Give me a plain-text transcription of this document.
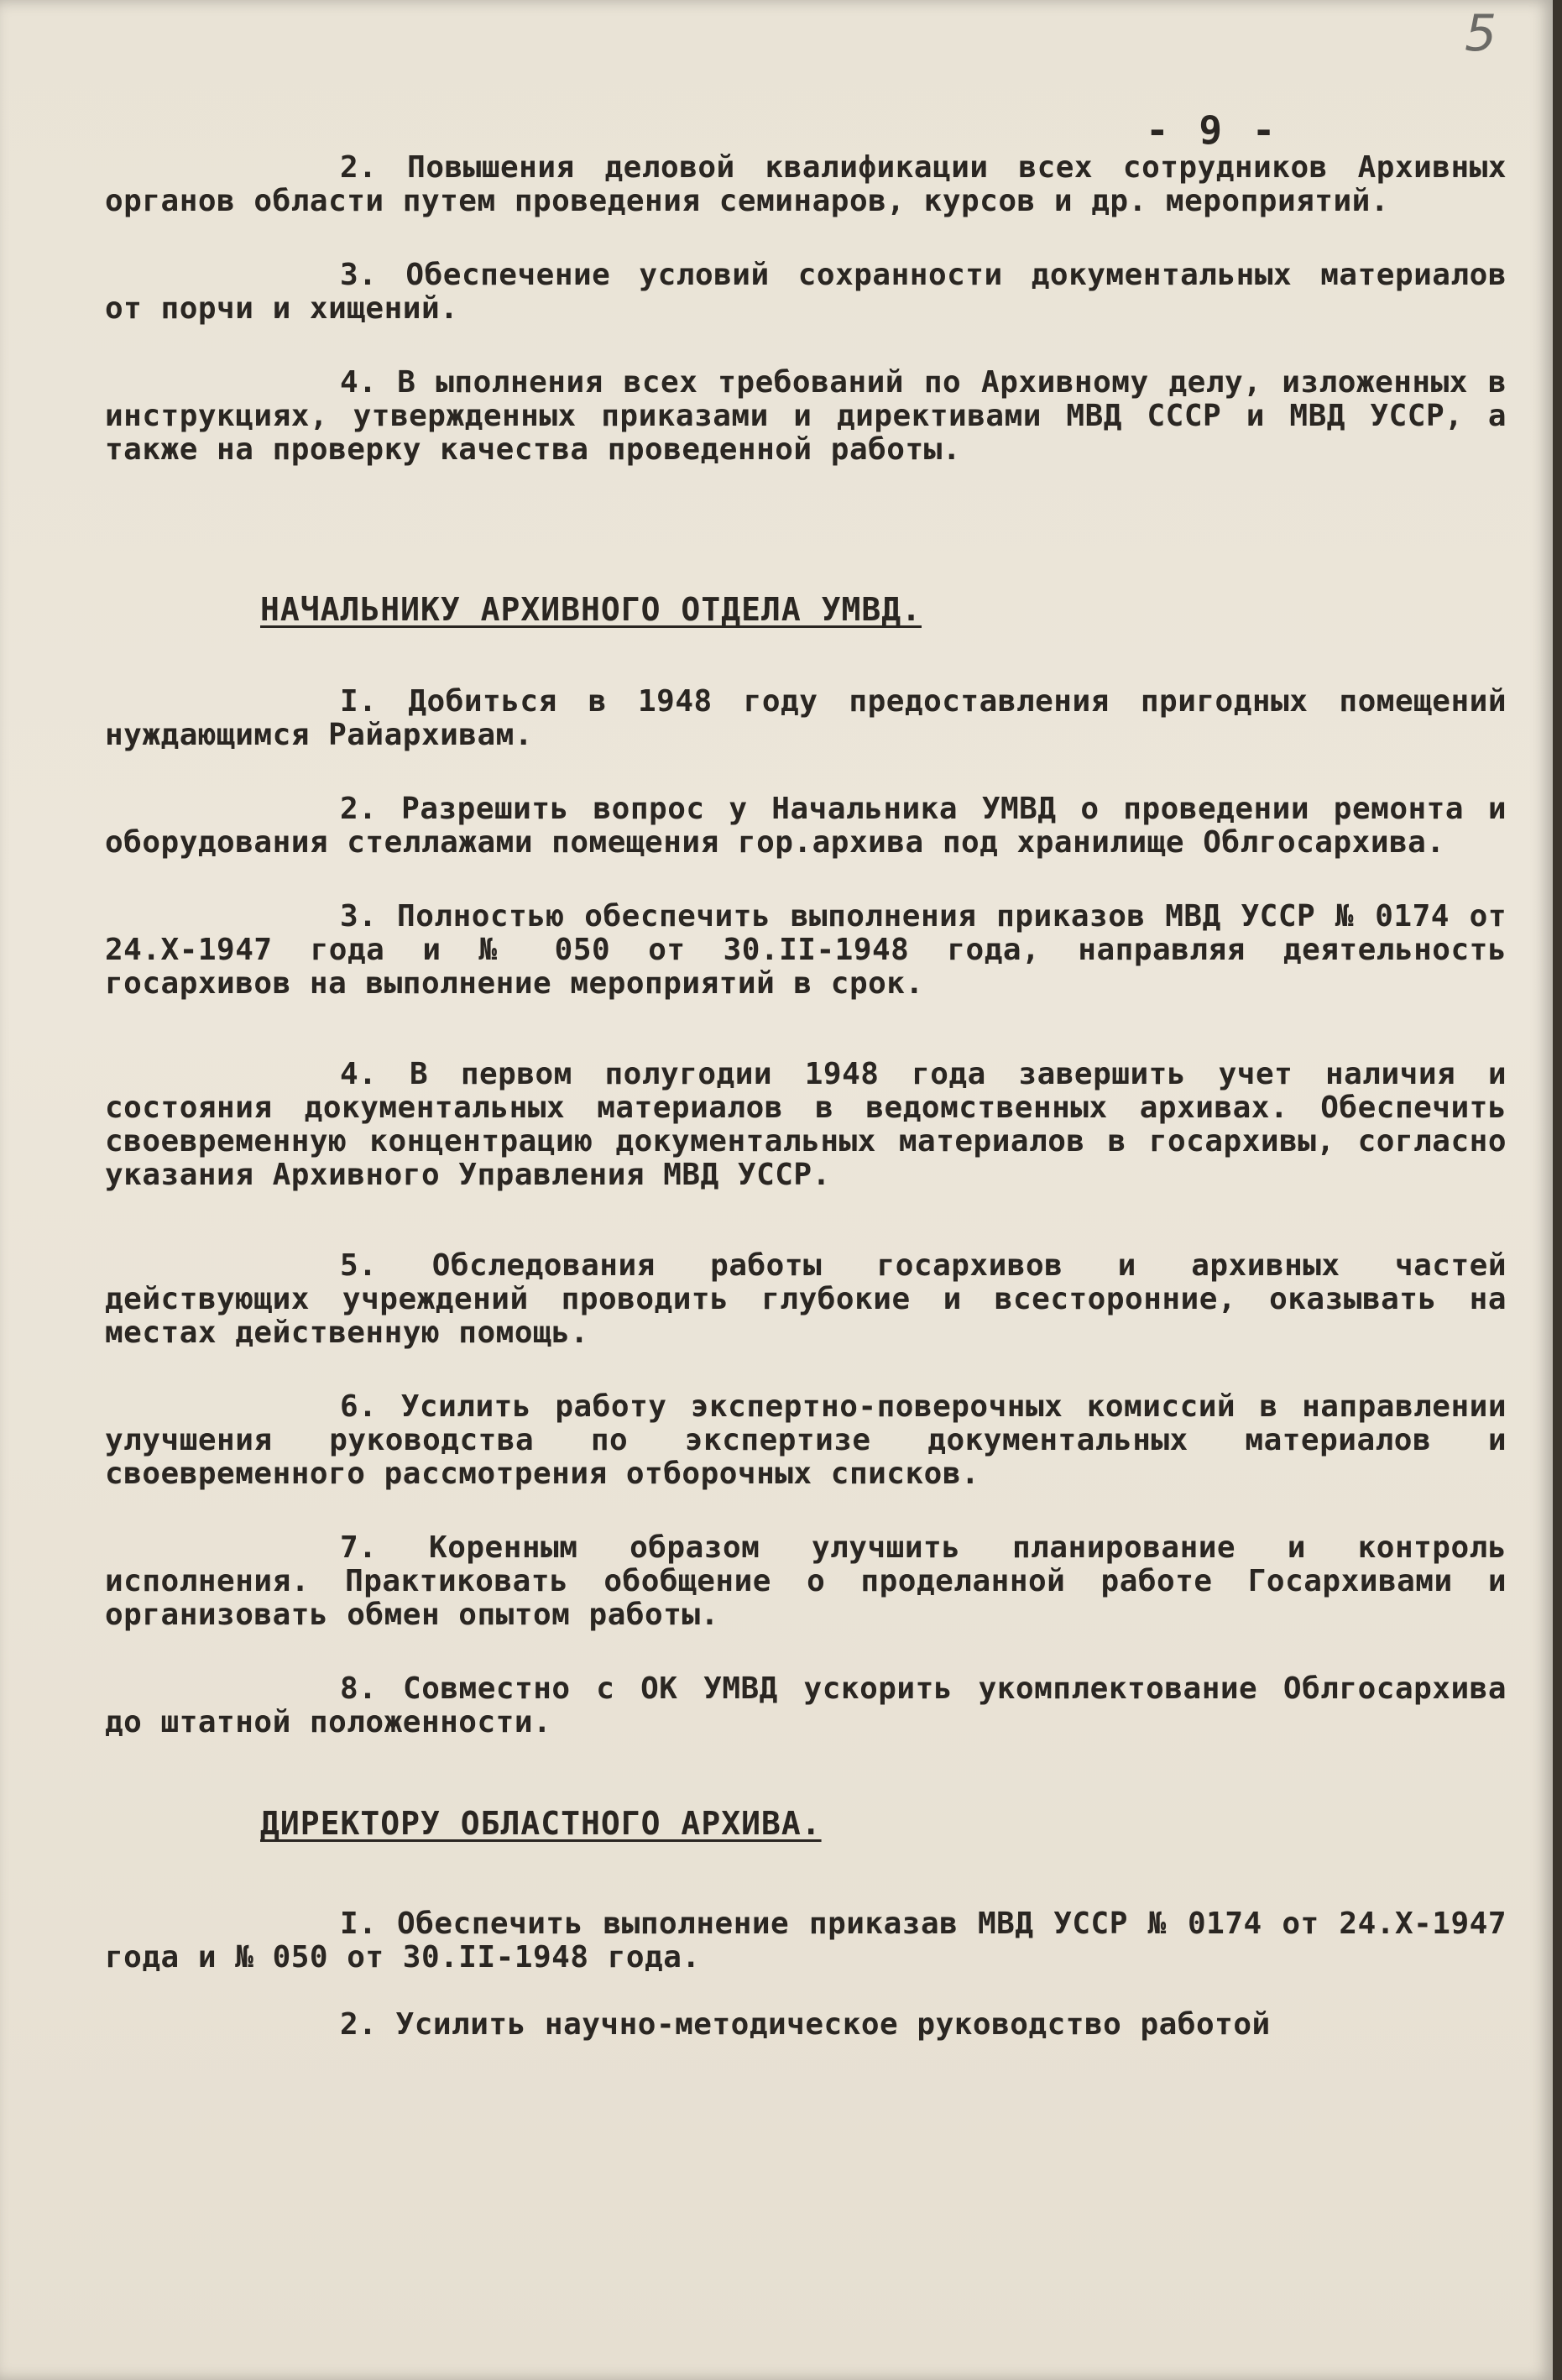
5
- 9 -

2. Повышения деловой квалификации всех сотрудников Архивных органов области путем проведения семинаров, курсов и др. мероприятий.

3. Обеспечение условий сохранности документальных материалов от порчи и хищений.

4. В ыполнения всех требований по Архивному делу, изложенных в инструкциях, утвержденных приказами и директивами МВД СССР и МВД УССР, а также на проверку качества проведенной работы.

НАЧАЛЬНИКУ АРХИВНОГО ОТДЕЛА УМВД.

I. Добиться в 1948 году предоставления пригодных помещений нуждающимся Райархивам.

2. Разрешить вопрос у Начальника УМВД о проведении ремонта и оборудования стеллажами помещения гор.архива под хранилище Облгосархива.

3. Полностью обеспечить выполнения приказов МВД УССР № 0174 от 24.Х-1947 года и № 050 от 30.II-1948 года, направляя деятельность госархивов на выполнение мероприятий в срок.

4. В первом полугодии 1948 года завершить учет наличия и состояния документальных материалов в ведомственных архивах. Обеспечить своевременную концентрацию документальных материалов в госархивы, согласно указания Архивного Управления МВД УССР.

5. Обследования работы госархивов и архивных частей действующих учреждений проводить глубокие и всесторонние, оказывать на местах действенную помощь.

6. Усилить работу экспертно-поверочных комиссий в направлении улучшения руководства по экспертизе документальных материалов и своевременного рассмотрения отборочных списков.

7. Коренным образом улучшить планирование и контроль исполнения. Практиковать обобщение о проделанной работе Госархивами и организовать обмен опытом работы.

8. Совместно с ОК УМВД ускорить укомплектование Облгосархива до штатной положенности.

ДИРЕКТОРУ ОБЛАСТНОГО АРХИВА.

I. Обеспечить выполнение приказав МВД УССР № 0174 от 24.Х-1947 года и № 050 от 30.II-1948 года.

2. Усилить научно-методическое руководство работой
